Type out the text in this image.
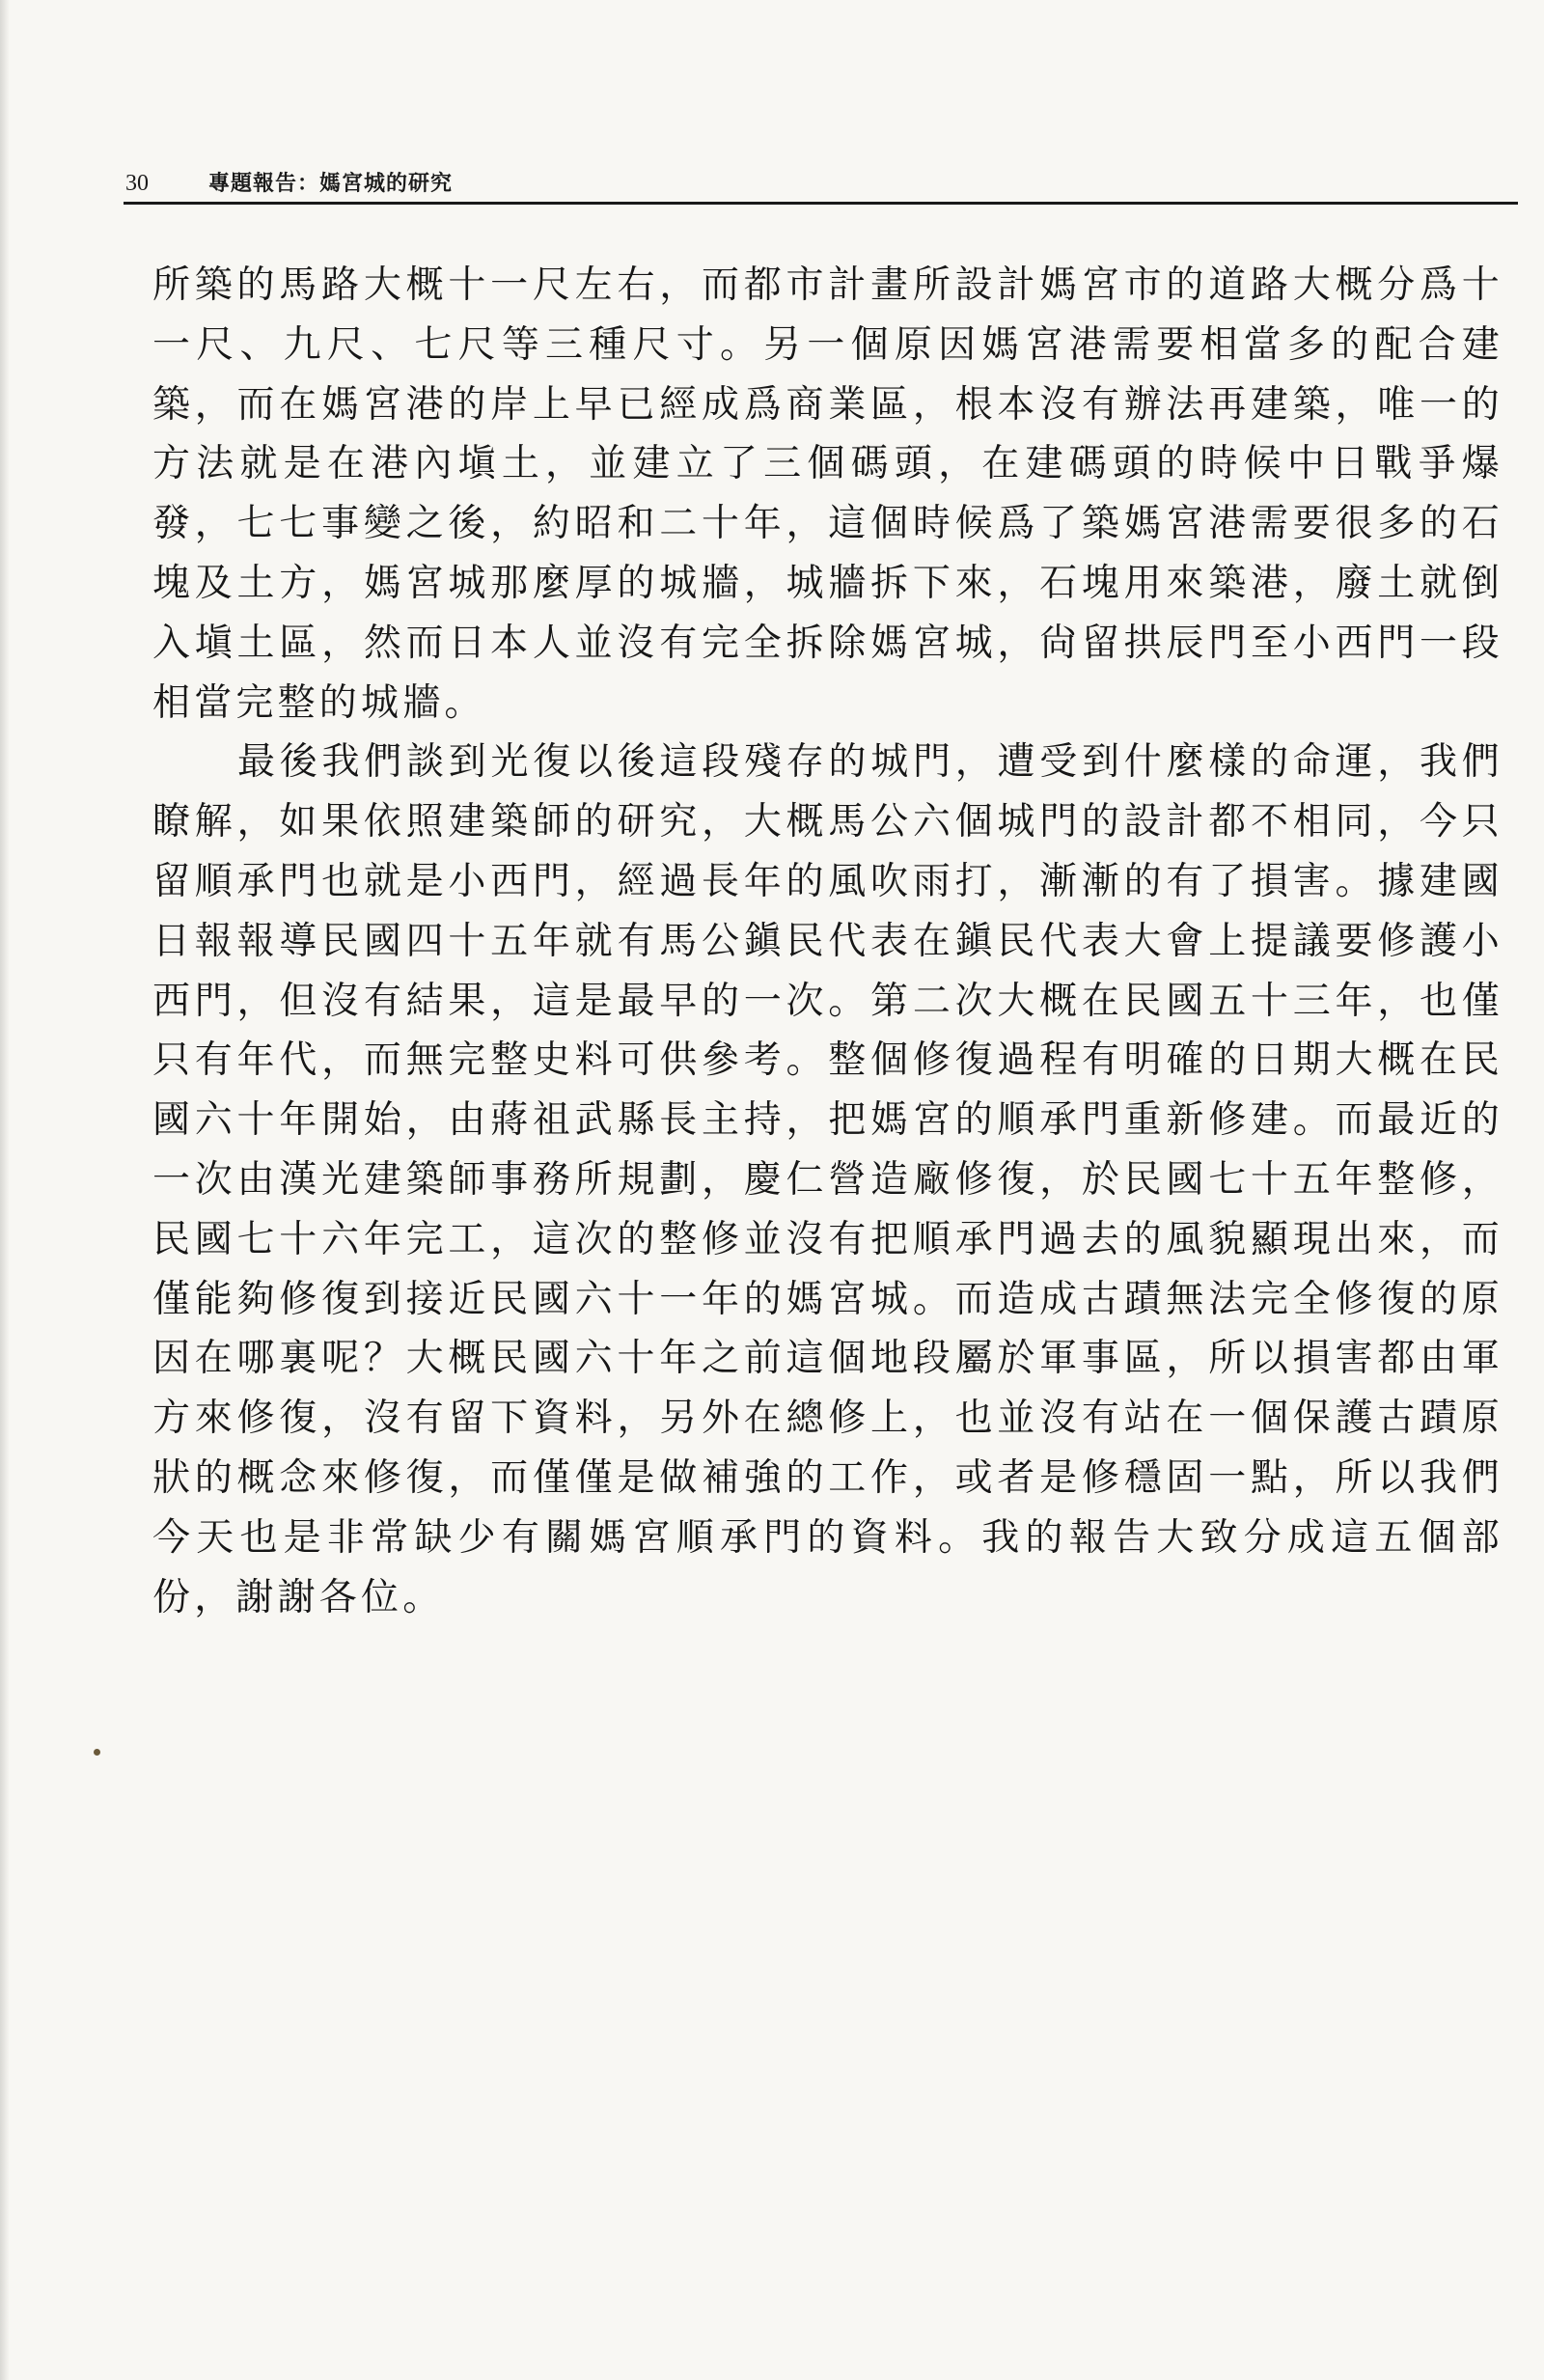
30	專題報告：媽宮城的研究

所築的馬路大概十一尺左右，而都市計畫所設計媽宮市的道路大概分爲十一尺、九尺、七尺等三種尺寸。另一個原因媽宮港需要相當多的配合建築，而在媽宮港的岸上早已經成爲商業區，根本沒有辦法再建築，唯一的方法就是在港內塡土，並建立了三個碼頭，在建碼頭的時候中日戰爭爆發，七七事變之後，約昭和二十年，這個時候爲了築媽宮港需要很多的石塊及土方，媽宮城那麼厚的城牆，城牆拆下來，石塊用來築港，廢土就倒入塡土區，然而日本人並沒有完全拆除媽宮城，尙留拱辰門至小西門一段相當完整的城牆。

最後我們談到光復以後這段殘存的城門，遭受到什麼樣的命運，我們瞭解，如果依照建築師的研究，大概馬公六個城門的設計都不相同，今只留順承門也就是小西門，經過長年的風吹雨打，漸漸的有了損害。據建國日報報導民國四十五年就有馬公鎭民代表在鎭民代表大會上提議要修護小西門，但沒有結果，這是最早的一次。第二次大概在民國五十三年，也僅只有年代，而無完整史料可供參考。整個修復過程有明確的日期大概在民國六十年開始，由蔣祖武縣長主持，把媽宮的順承門重新修建。而最近的一次由漢光建築師事務所規劃，慶仁營造廠修復，於民國七十五年整修，民國七十六年完工，這次的整修並沒有把順承門過去的風貌顯現出來，而僅能夠修復到接近民國六十一年的媽宮城。而造成古蹟無法完全修復的原因在哪裏呢？大概民國六十年之前這個地段屬於軍事區，所以損害都由軍方來修復，沒有留下資料，另外在總修上，也並沒有站在一個保護古蹟原狀的概念來修復，而僅僅是做補強的工作，或者是修穩固一點，所以我們今天也是非常缺少有關媽宮順承門的資料。我的報告大致分成這五個部份，謝謝各位。
